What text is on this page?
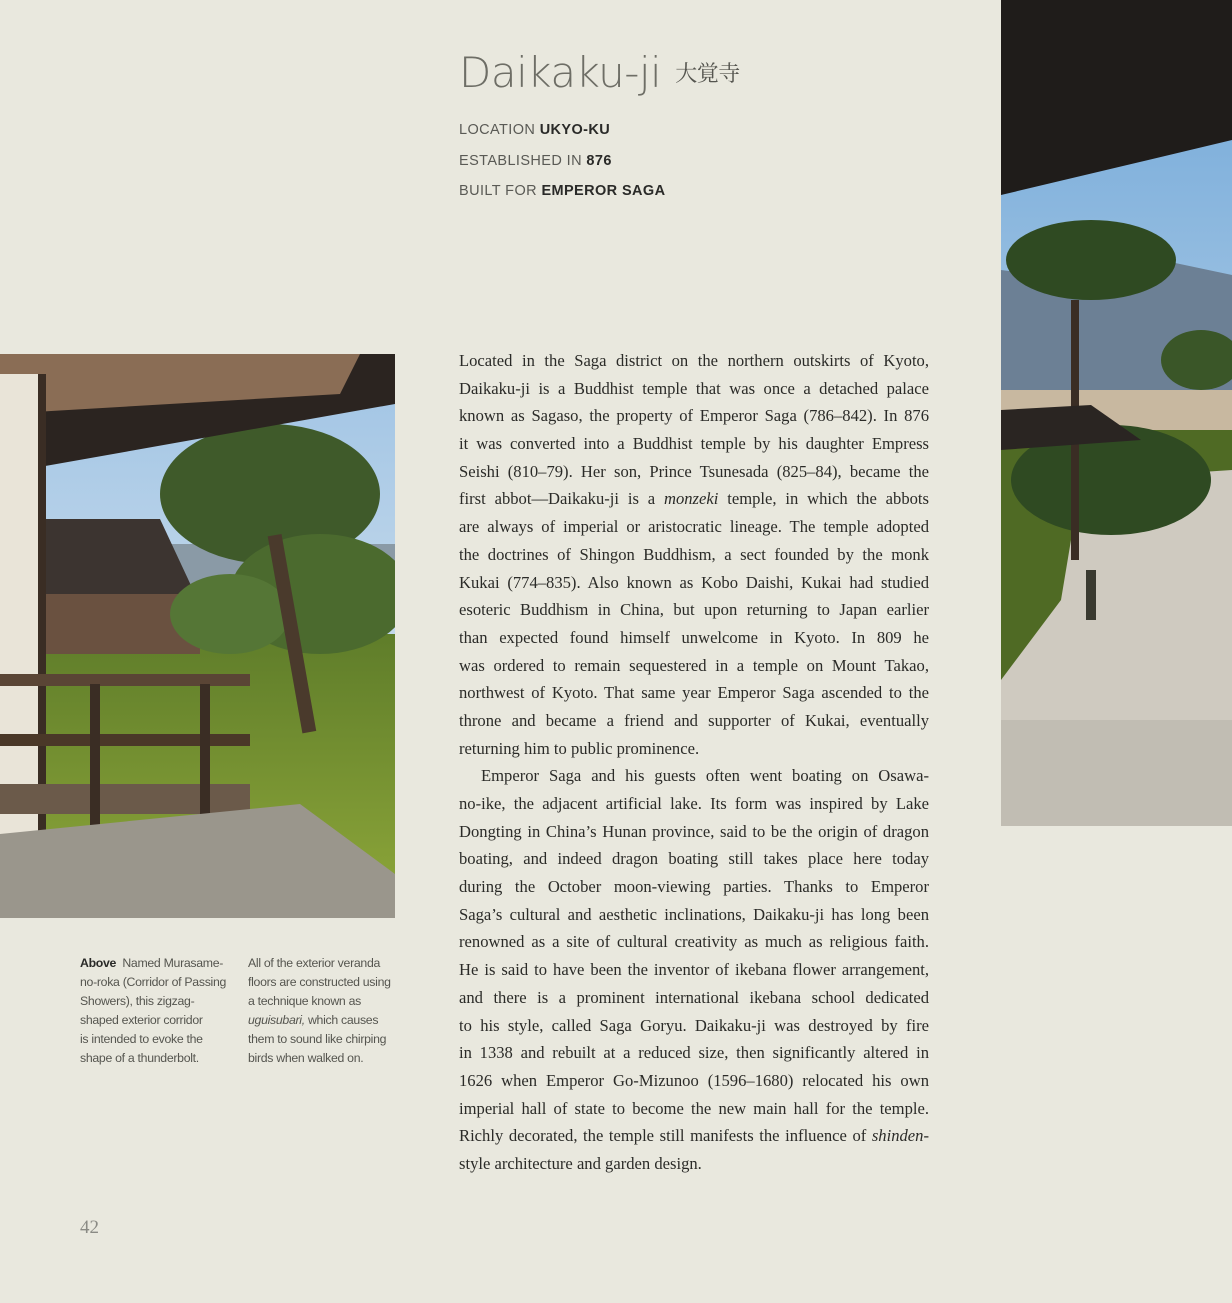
Daikaku-ji 大覚寺
LOCATION UKYO-KU
ESTABLISHED IN 876
BUILT FOR EMPEROR SAGA
Located in the Saga district on the northern outskirts of Kyoto,
Daikaku-ji is a Buddhist temple that was once a detached palace
known as Sagaso, the property of Emperor Saga (786–842). In 876
it was converted into a Buddhist temple by his daughter Empress
Seishi (810–79). Her son, Prince Tsunesada (825–84), became the
first abbot—Daikaku-ji is a monzeki temple, in which the abbots
are always of imperial or aristocratic lineage. The temple adopted
the doctrines of Shingon Buddhism, a sect founded by the monk
Kukai (774–835). Also known as Kobo Daishi, Kukai had studied
esoteric Buddhism in China, but upon returning to Japan earlier
than expected found himself unwelcome in Kyoto. In 809 he
was ordered to remain sequestered in a temple on Mount Takao,
northwest of Kyoto. That same year Emperor Saga ascended to the
throne and became a friend and supporter of Kukai, eventually
returning him to public prominence.
Emperor Saga and his guests often went boating on Osawa-
no-ike, the adjacent artificial lake. Its form was inspired by Lake
Dongting in China’s Hunan province, said to be the origin of dragon
boating, and indeed dragon boating still takes place here today
during the October moon-viewing parties. Thanks to Emperor
Saga’s cultural and aesthetic inclinations, Daikaku-ji has long been
renowned as a site of cultural creativity as much as religious faith.
He is said to have been the inventor of ikebana flower arrangement,
and there is a prominent international ikebana school dedicated
to his style, called Saga Goryu. Daikaku-ji was destroyed by fire
in 1338 and rebuilt at a reduced size, then significantly altered in
1626 when Emperor Go-Mizunoo (1596–1680) relocated his own
imperial hall of state to become the new main hall for the temple.
Richly decorated, the temple still manifests the influence of shinden-
style architecture and garden design.
Above Named Murasame-
no-roka (Corridor of Passing
Showers), this zigzag-
shaped exterior corridor
is intended to evoke the
shape of a thunderbolt.
All of the exterior veranda
floors are constructed using
a technique known as
uguisubari, which causes
them to sound like chirping
birds when walked on.
42
